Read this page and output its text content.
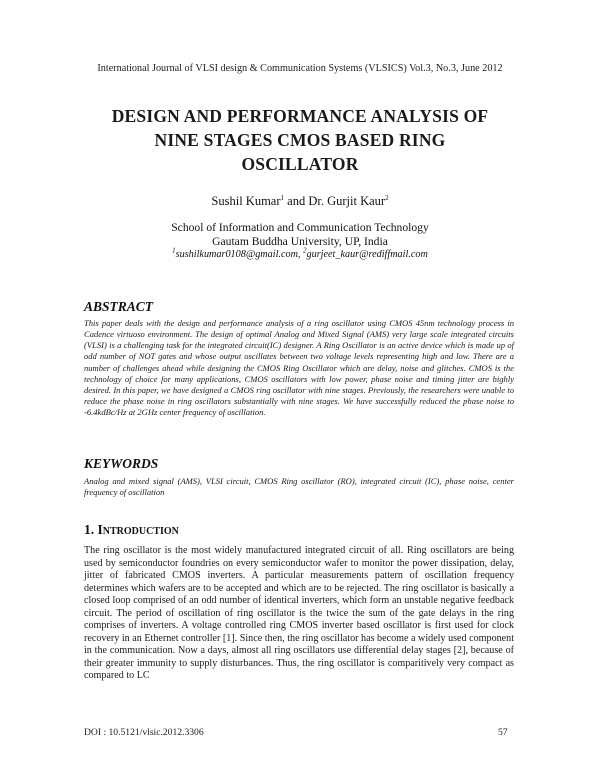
International Journal of VLSI design & Communication Systems (VLSICS) Vol.3, No.3, June 2012
DESIGN AND PERFORMANCE ANALYSIS OF
NINE STAGES CMOS BASED RING
OSCILLATOR
Sushil Kumar$^1$ and Dr. Gurjit Kaur$^2$
School of Information and Communication Technology
Gautam Buddha University, UP, India
$^1$sushilkumar0108@gmail.com, $^2$gurjeet_kaur@rediffmail.com
ABSTRACT
This paper deals with the design and performance analysis of a ring oscillator using CMOS 45nm technology process in Cadence virtuoso environment. The design of optimal Analog and Mixed Signal (AMS) very large scale integrated circuits (VLSI) is a challenging task for the integrated circuit(IC) designer. A Ring Oscillator is an active device which is made up of odd number of NOT gates and whose output oscillates between two voltage levels representing high and low. There are a number of challenges ahead while designing the CMOS Ring Oscillator which are delay, noise and glitches. CMOS is the technology of choice for many applications, CMOS oscillators with low power, phase noise and timing jitter are highly desired. In this paper, we have designed a CMOS ring oscillator with nine stages. Previously, the researchers were unable to reduce the phase noise in ring oscillators substantially with nine stages. We have successfully reduced the phase noise to -6.4kdBc/Hz at 2GHz center frequency of oscillation.
KEYWORDS
Analog and mixed signal (AMS), VLSI circuit, CMOS Ring oscillator (RO), integrated circuit (IC), phase noise, center frequency of oscillation
1. INTRODUCTION
The ring oscillator is the most widely manufactured integrated circuit of all. Ring oscillators are being used by semiconductor foundries on every semiconductor wafer to monitor the power dissipation, delay, jitter of fabricated CMOS inverters. A particular measurements pattern of oscillation frequency determines which wafers are to be accepted and which are to be rejected. The ring oscillator is basically a closed loop comprised of an odd number of identical inverters, which form an unstable negative feedback circuit. The period of oscillation of ring oscillator is the twice the sum of the gate delays in the ring comprises of inverters. A voltage controlled ring CMOS inverter based oscillator is first used for clock recovery in an Ethernet controller [1]. Since then, the ring oscillator has become a widely used component in the communication. Now a days, almost all ring oscillators use differential delay stages [2], because of their greater immunity to supply disturbances. Thus, the ring oscillator is comparitively very compact as compared to LC
DOI : 10.5121/vlsic.2012.3306	57
